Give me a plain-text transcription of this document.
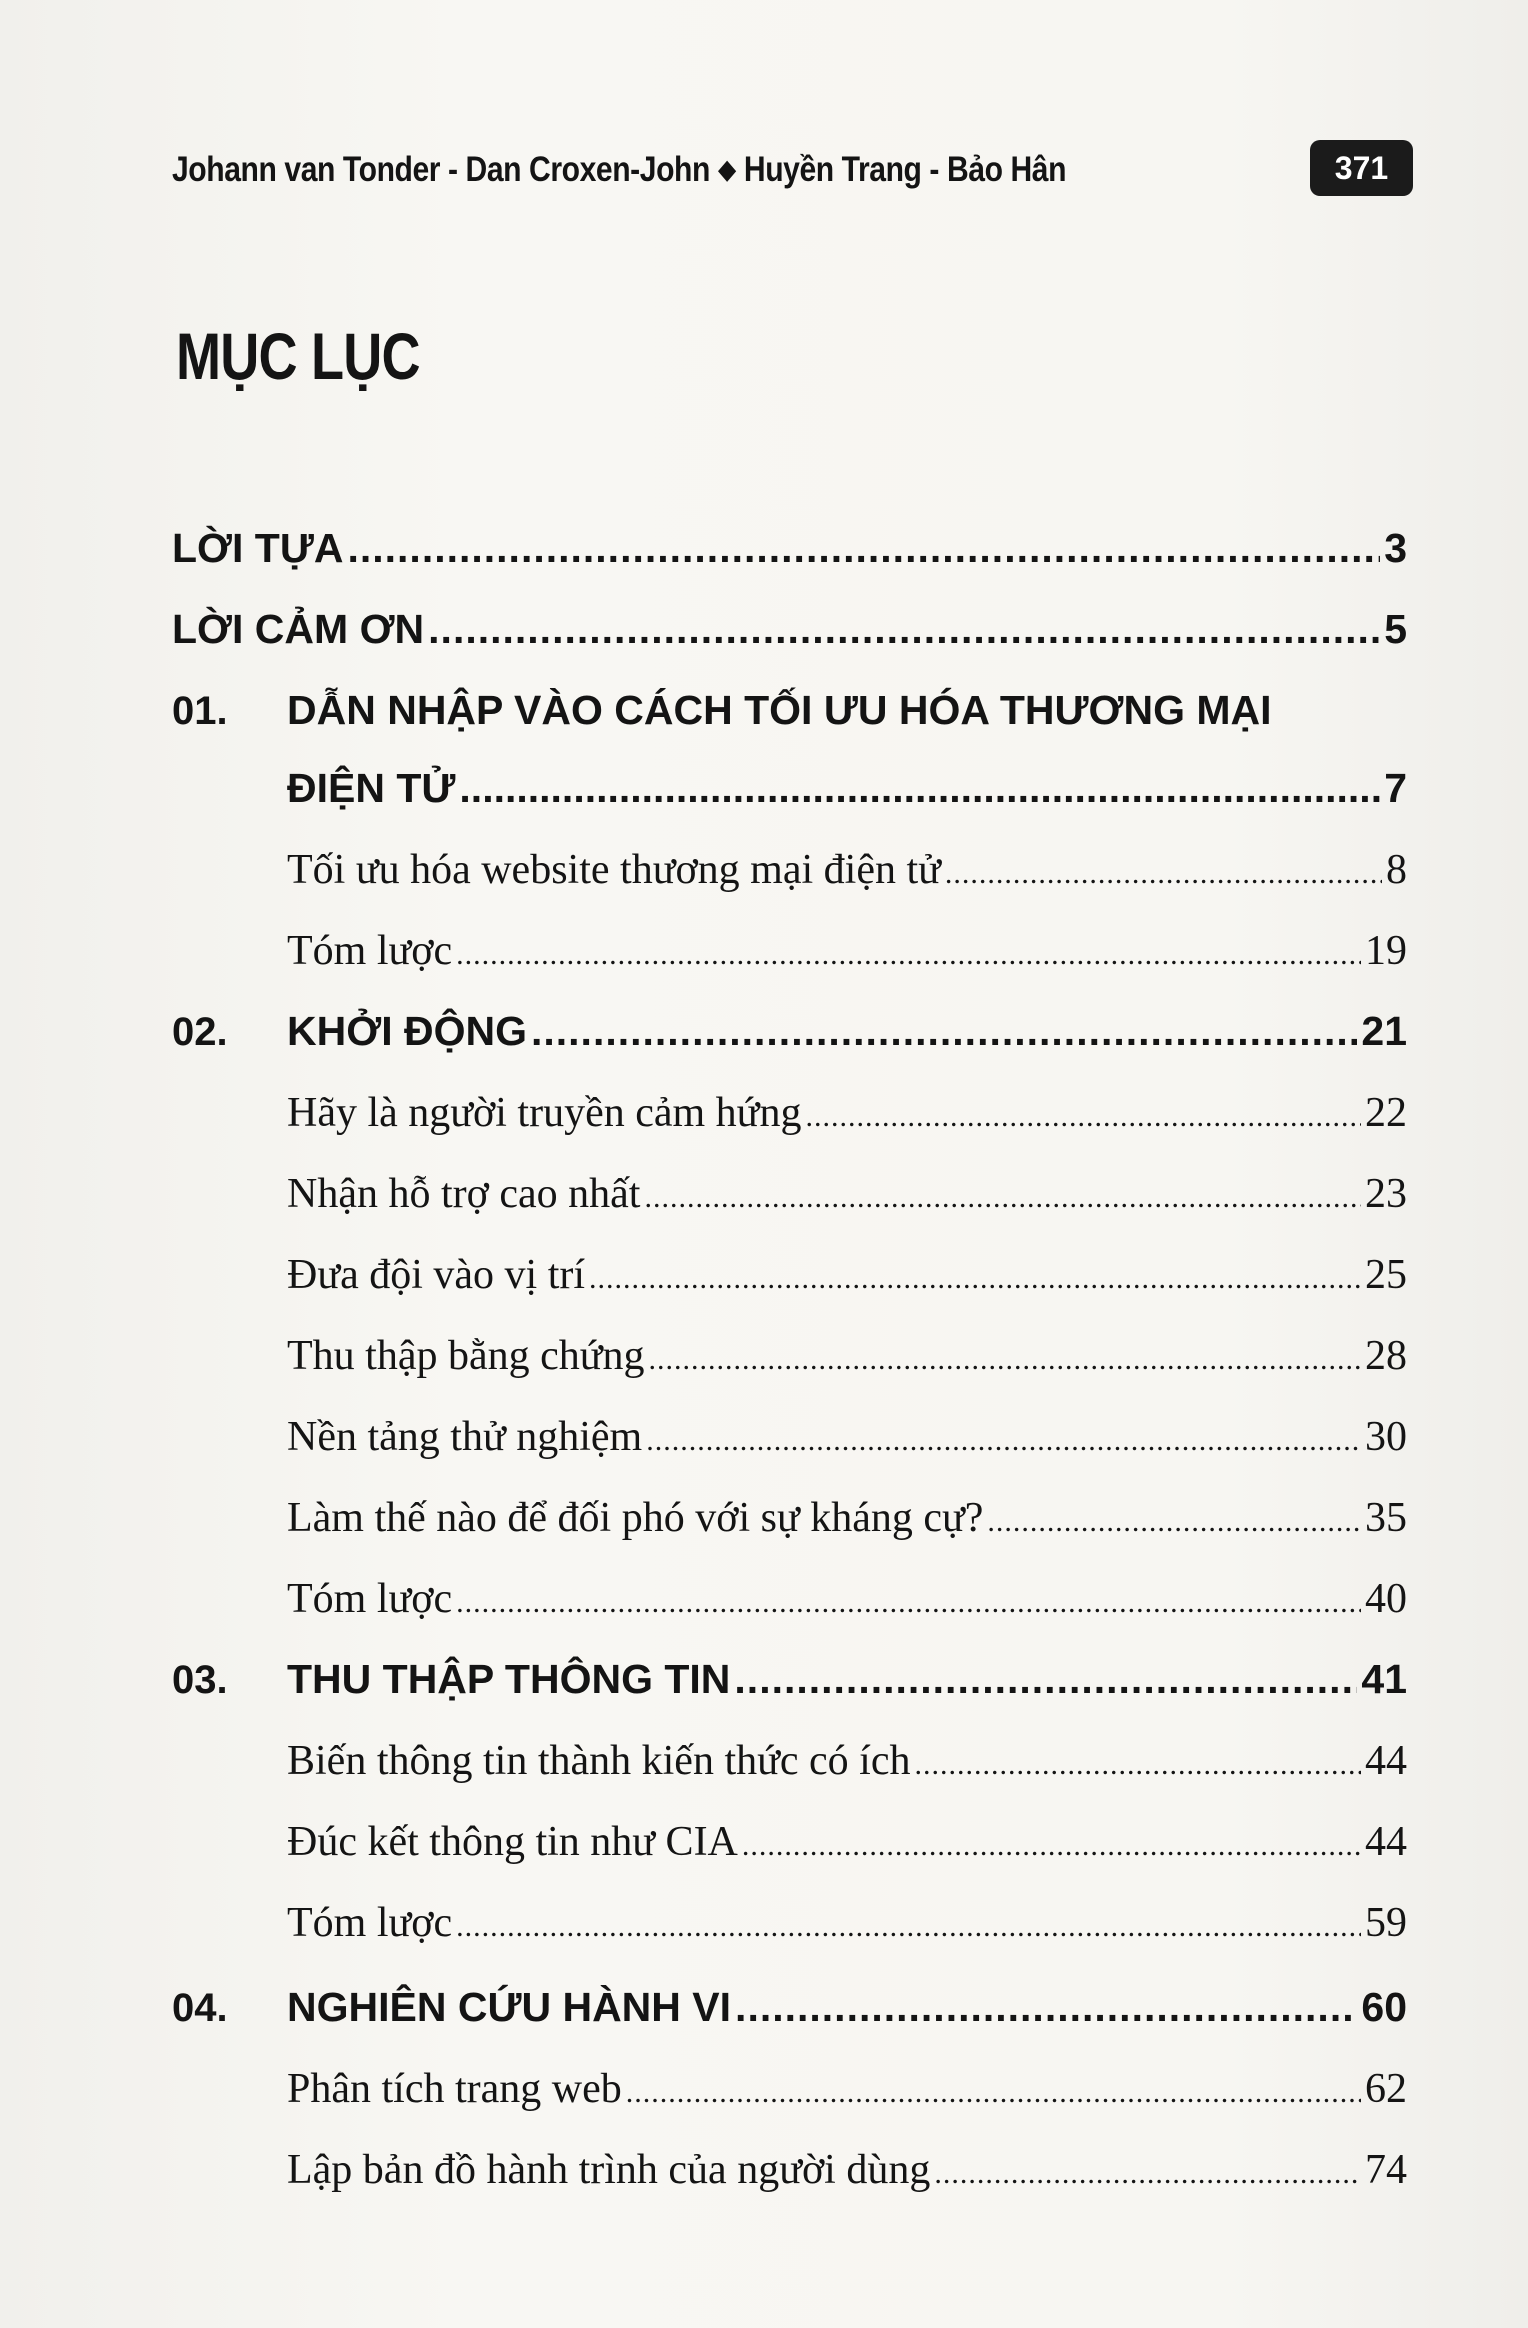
Johann van Tonder - Dan Croxen-John ◆ Huyền Trang - Bảo Hân	371
MỤC LỤC
LỜI TỰA .....	3
LỜI CẢM ƠN .....	5
01.	DẪN NHẬP VÀO CÁCH TỐI ƯU HÓA THƯƠNG MẠI
ĐIỆN TỬ .....	7
Tối ưu hóa website thương mại điện tử .....	8
Tóm lược .....	19
02.	KHỞI ĐỘNG .....	21
Hãy là người truyền cảm hứng .....	22
Nhận hỗ trợ cao nhất .....	23
Đưa đội vào vị trí .....	25
Thu thập bằng chứng .....	28
Nền tảng thử nghiệm .....	30
Làm thế nào để đối phó với sự kháng cự? .....	35
Tóm lược .....	40
03.	THU THẬP THÔNG TIN .....	41
Biến thông tin thành kiến thức có ích .....	44
Đúc kết thông tin như CIA .....	44
Tóm lược .....	59
04.	NGHIÊN CỨU HÀNH VI .....	60
Phân tích trang web .....	62
Lập bản đồ hành trình của người dùng .....	74
